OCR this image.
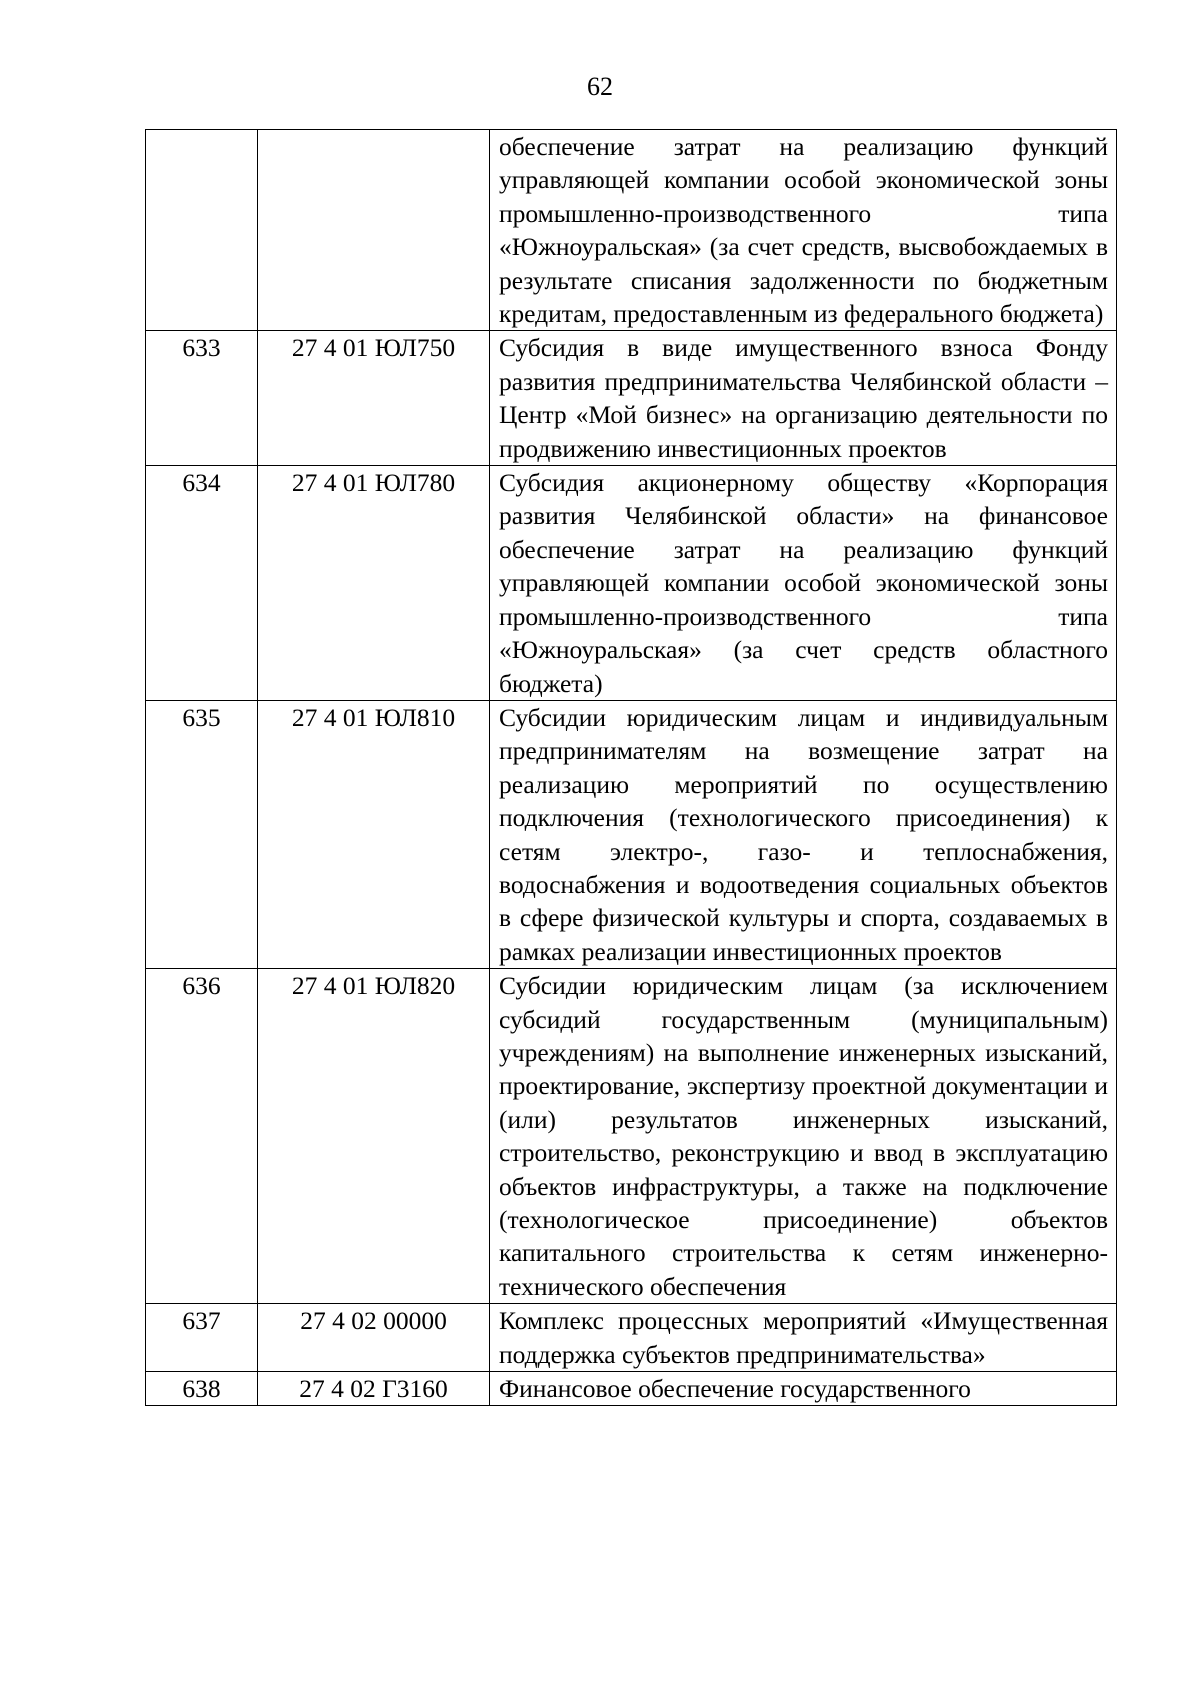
62
		обеспечение затрат на реализацию функций управляющей компании особой экономической зоны промышленно-производственного типа «Южноуральская» (за счет средств, высвобождаемых в результате списания задолженности по бюджетным кредитам, предоставленным из федерального бюджета)
633	27 4 01 ЮЛ750	Субсидия в виде имущественного взноса Фонду развития предпринимательства Челябинской области – Центр «Мой бизнес» на организацию деятельности по продвижению инвестиционных проектов
634	27 4 01 ЮЛ780	Субсидия акционерному обществу «Корпорация развития Челябинской области» на финансовое обеспечение затрат на реализацию функций управляющей компании особой экономической зоны промышленно-производственного типа «Южноуральская» (за счет средств областного бюджета)
635	27 4 01 ЮЛ810	Субсидии юридическим лицам и индивидуальным предпринимателям на возмещение затрат на реализацию мероприятий по осуществлению подключения (технологического присоединения) к сетям электро-, газо- и теплоснабжения, водоснабжения и водоотведения социальных объектов в сфере физической культуры и спорта, создаваемых в рамках реализации инвестиционных проектов
636	27 4 01 ЮЛ820	Субсидии юридическим лицам (за исключением субсидий государственным (муниципальным) учреждениям) на выполнение инженерных изысканий, проектирование, экспертизу проектной документации и (или) результатов инженерных изысканий, строительство, реконструкцию и ввод в эксплуатацию объектов инфраструктуры, а также на подключение (технологическое присоединение) объектов капитального строительства к сетям инженерно-технического обеспечения
637	27 4 02 00000	Комплекс процессных мероприятий «Имущественная поддержка субъектов предпринимательства»
638	27 4 02 Г3160	Финансовое обеспечение государственного
